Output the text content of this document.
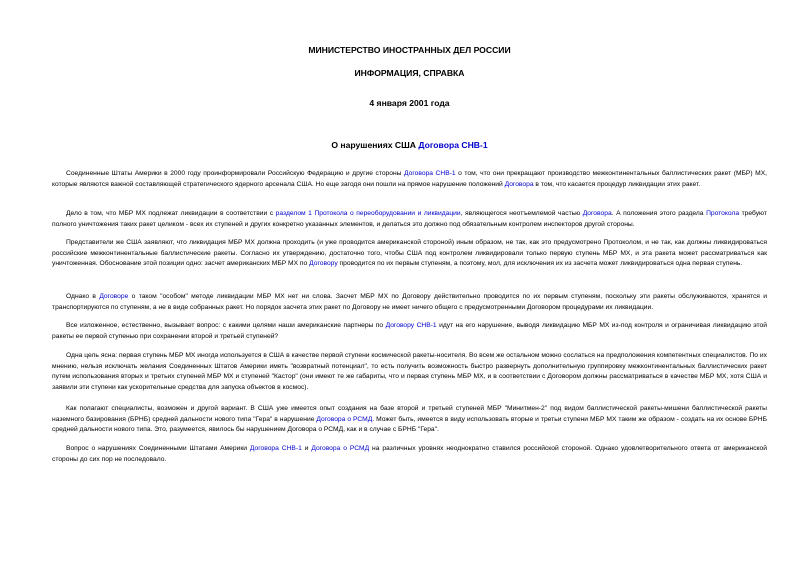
МИНИСТЕРСТВО ИНОСТРАННЫХ ДЕЛ РОССИИ
ИНФОРМАЦИЯ, СПРАВКА
4 января 2001 года
О нарушениях США Договора СНВ-1

Соединенные Штаты Америки в 2000 году проинформировали Российскую Федерацию и другие стороны Договора СНВ-1 о том, что они прекращают производство межконтинентальных баллистических ракет (МБР) МХ, которые являются важной составляющей стратегического ядерного арсенала США. Но еще загодя они пошли на прямое нарушение положений Договора в том, что касается процедур ликвидации этих ракет.

Дело в том, что МБР МХ подлежат ликвидации в соответствии с разделом 1 Протокола о переоборудовании и ликвидации, являющегося неотъемлемой частью Договора. А положения этого раздела Протокола требуют полного уничтожения таких ракет целиком - всех их ступеней и других конкретно указанных элементов, и делаться это должно под обязательным контролем инспекторов другой стороны.

Представители же США заявляют, что ликвидация МБР МХ должна проходить (и уже проводится американской стороной) иным образом, не так, как это предусмотрено Протоколом, и не так, как должны ликвидироваться российские межконтинентальные баллистические ракеты. Согласно их утверждению, достаточно того, чтобы США под контролем ликвидировали только первую ступень МБР МХ, и эта ракета может рассматриваться как уничтоженная. Обоснование этой позиции одно: засчет американских МБР МХ по Договору проводится по их первым ступеням, а поэтому, мол, для исключения их из засчета может ликвидироваться одна первая ступень.

Однако в Договоре о таком "особом" методе ликвидации МБР МХ нет ни слова. Засчет МБР МХ по Договору действительно проводится по их первым ступеням, поскольку эти ракеты обслуживаются, хранятся и транспортируются по ступеням, а не в виде собранных ракет. Но порядок засчета этих ракет по Договору не имеет ничего общего с предусмотренными Договором процедурами их ликвидации.

Все изложенное, естественно, вызывает вопрос: с какими целями наши американские партнеры по Договору СНВ-1 идут на его нарушение, выводя ликвидацию МБР МХ из-под контроля и ограничивая ликвидацию этой ракеты ее первой ступенью при сохранении второй и третьей ступеней?

Одна цель ясна: первая ступень МБР МХ иногда используется в США в качестве первой ступени космической ракеты-носителя. Во всем же остальном можно сослаться на предположения компетентных специалистов. По их мнению, нельзя исключать желания Соединенных Штатов Америки иметь "возвратный потенциал", то есть получить возможность быстро развернуть дополнительную группировку межконтинентальных баллистических ракет путем использования вторых и третьих ступеней МБР МХ и ступеней "Кастор" (они имеют те же габариты, что и первая ступень МБР МХ, и в соответствии с Договором должны рассматриваться в качестве МБР МХ, хотя США и заявили эти ступени как ускорительные средства для запуска объектов в космос).

Как полагают специалисты, возможен и другой вариант. В США уже имеется опыт создания на базе второй и третьей ступеней МБР "Минитмен-2" под видом баллистической ракеты-мишени баллистической ракеты наземного базирования (БРНБ) средней дальности нового типа "Гера" в нарушение Договора о РСМД. Может быть, имеется в виду использовать вторые и третьи ступени МБР МХ таким же образом - создать на их основе БРНБ средней дальности нового типа. Это, разумеется, явилось бы нарушением Договора о РСМД, как и в случае с БРНБ "Гера".

Вопрос о нарушениях Соединенными Штатами Америки Договора СНВ-1 и Договора о РСМД на различных уровнях неоднократно ставился российской стороной. Однако удовлетворительного ответа от американской стороны до сих пор не последовало.
